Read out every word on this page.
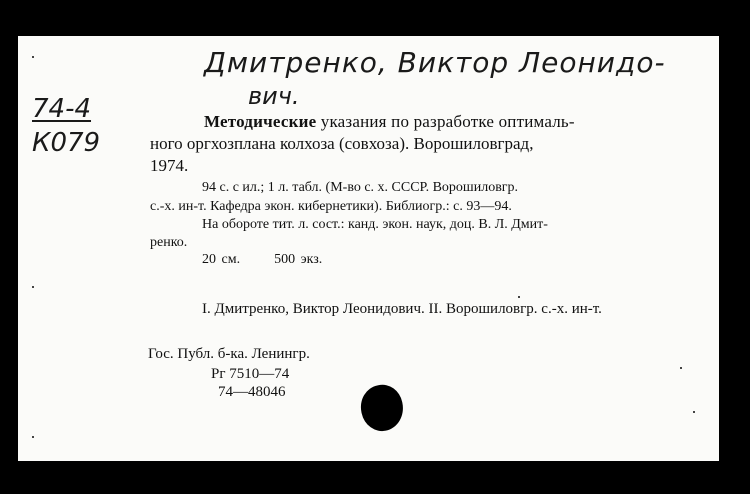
Дмитренко, Виктор Леонидо-
вич.
74-4
К079
Методические указания по разработке оптималь-
ного оргхозплана колхоза (совхоза). Ворошиловград,
1974.
94 с. с ил.; 1 л. табл. (М-во с. х. СССР. Ворошиловгр.
с.-х. ин-т. Кафедра экон. кибернетики). Библиогр.: с. 93—94.
На обороте тит. л. сост.: канд. экон. наук, доц. В. Л. Дмит-
ренко.
20 см. 500 экз.
I. Дмитренко, Виктор Леонидович. II. Ворошиловгр. с.-х. ин-т.
Гос. Публ. б-ка. Ленингр.
Рг 7510—74
74—48046
